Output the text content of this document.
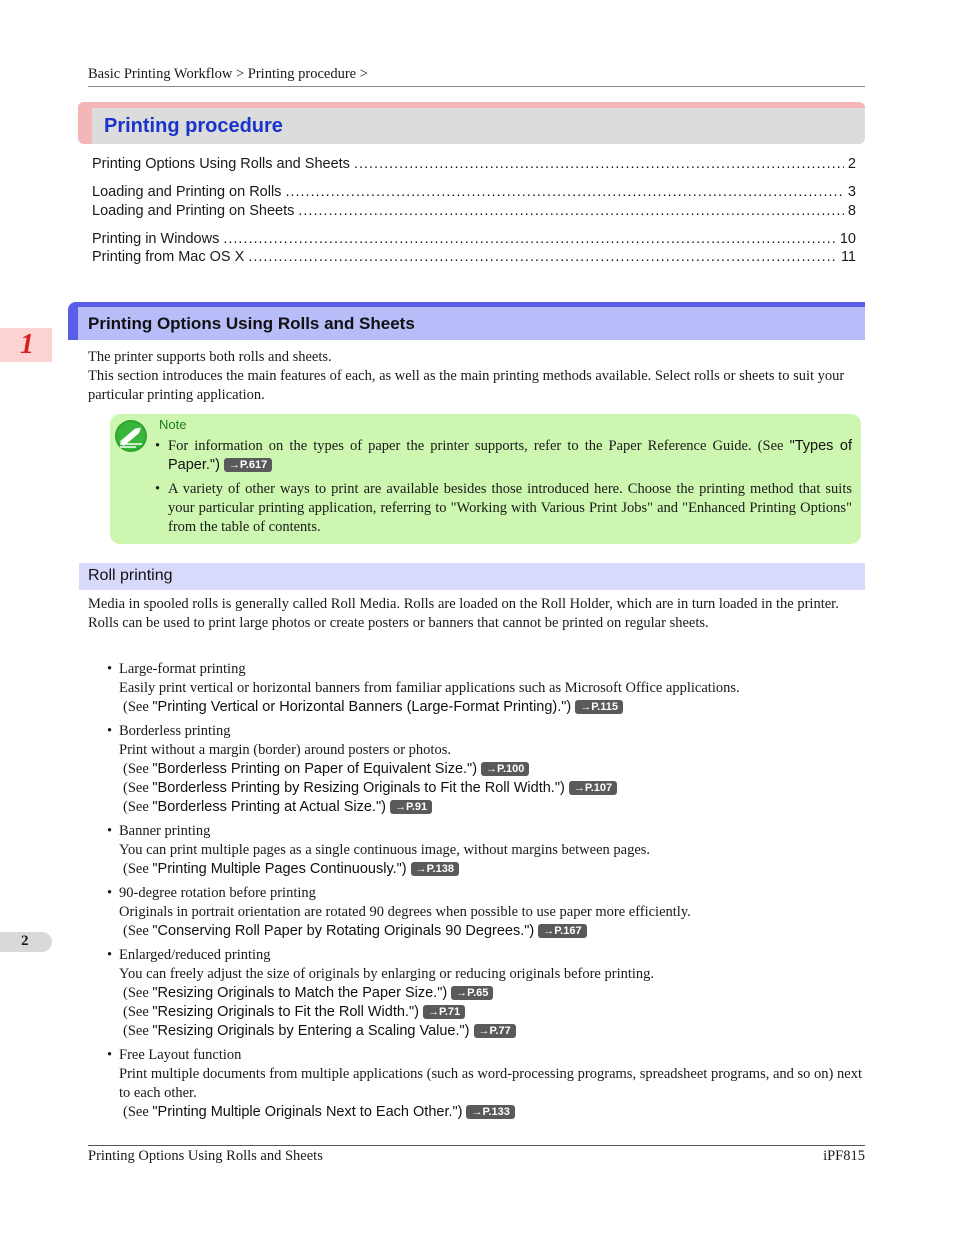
Basic Printing Workflow > Printing procedure >
Printing procedure
Printing Options Using Rolls and Sheets .....	2
Loading and Printing on Rolls .....	3
Loading and Printing on Sheets .....	8
Printing in Windows .....	10
Printing from Mac OS X .....	11
1
2
Printing Options Using Rolls and Sheets
The printer supports both rolls and sheets.
This section introduces the main features of each, as well as the main printing methods available. Select rolls or sheets to suit your particular printing application.
Note
• For information on the types of paper the printer supports, refer to the Paper Reference Guide. (See "Types of Paper.") →P.617
• A variety of other ways to print are available besides those introduced here. Choose the printing method that suits your particular printing application, referring to "Working with Various Print Jobs" and "Enhanced Printing Options" from the table of contents.
Roll printing
Media in spooled rolls is generally called Roll Media. Rolls are loaded on the Roll Holder, which are in turn loaded in the printer.
Rolls can be used to print large photos or create posters or banners that cannot be printed on regular sheets.
• Large-format printing
Easily print vertical or horizontal banners from familiar applications such as Microsoft Office applications.
(See "Printing Vertical or Horizontal Banners (Large-Format Printing).") →P.115
• Borderless printing
Print without a margin (border) around posters or photos.
(See "Borderless Printing on Paper of Equivalent Size.") →P.100
(See "Borderless Printing by Resizing Originals to Fit the Roll Width.") →P.107
(See "Borderless Printing at Actual Size.") →P.91
• Banner printing
You can print multiple pages as a single continuous image, without margins between pages.
(See "Printing Multiple Pages Continuously.") →P.138
• 90-degree rotation before printing
Originals in portrait orientation are rotated 90 degrees when possible to use paper more efficiently.
(See "Conserving Roll Paper by Rotating Originals 90 Degrees.") →P.167
• Enlarged/reduced printing
You can freely adjust the size of originals by enlarging or reducing originals before printing.
(See "Resizing Originals to Match the Paper Size.") →P.65
(See "Resizing Originals to Fit the Roll Width.") →P.71
(See "Resizing Originals by Entering a Scaling Value.") →P.77
• Free Layout function
Print multiple documents from multiple applications (such as word-processing programs, spreadsheet programs, and so on) next to each other.
(See "Printing Multiple Originals Next to Each Other.") →P.133
Printing Options Using Rolls and Sheets	iPF815
